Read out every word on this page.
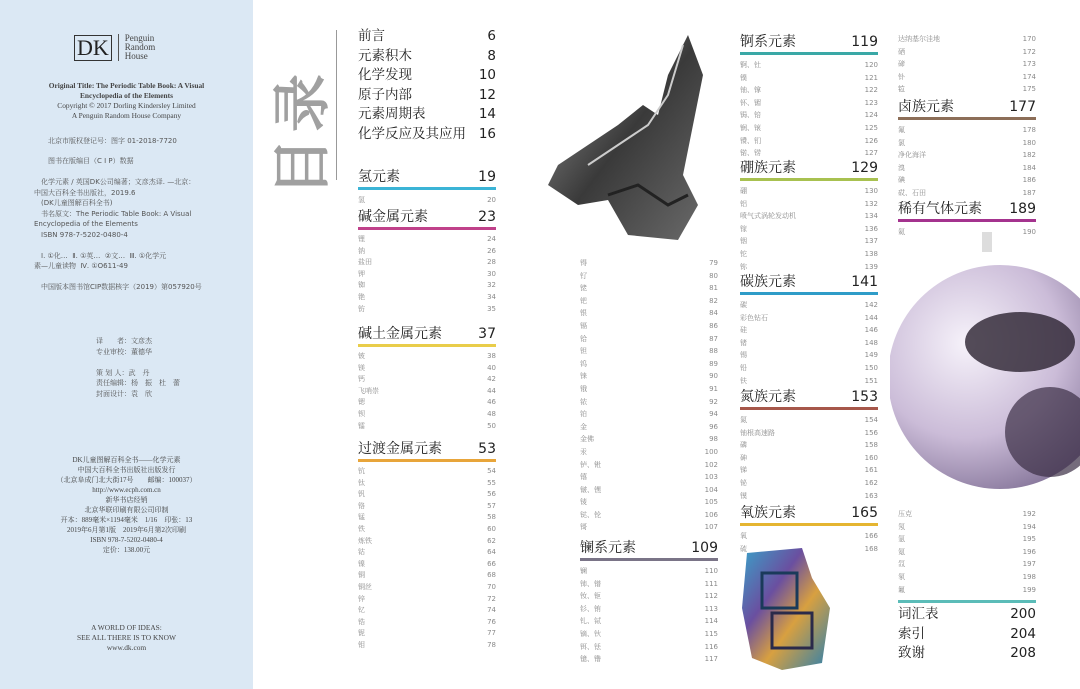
DK	Penguin
Random
House
Original Title: The Periodic Table Book: A Visual
Encyclopedia of the Elements
Copyright © 2017 Dorling Kindersley Limited
A Penguin Random House Company
北京市版权登记号：图字 01-2018-7720
图书在版编目（C I P）数据
　化学元素 / 英国DK公司编著；文彦杰译. —北京：
中国大百科全书出版社，2019.6
　(DK儿童图解百科全书)
　书名原文：The Periodic Table Book: A Visual
Encyclopedia of the Elements
　ISBN 978-7-5202-0480-4

　Ⅰ. ①化…  Ⅱ. ①英…  ②文…  Ⅲ. ①化学元
素—儿童读物  Ⅳ. ①O611-49

　中国版本图书馆CIP数据核字（2019）第057920号
译　　者：文彦杰
专业审校：董德华

策 划 人：武　丹
责任编辑：杨　振　杜　蕾
封面设计：袁　欣
DK儿童图解百科全书——化学元素
中国大百科全书出版社出版发行
（北京阜成门北大街17号　　邮编：100037）
http://www.ecph.com.cn
新华书店经销
北京华联印刷有限公司印制
开本：889毫米×1194毫米　1/16　印张：13
2019年6月第1版　2019年6月第2次印刷
ISBN 978-7-5202-0480-4
定价：138.00元
A WORLD OF IDEAS:
SEE ALL THERE IS TO KNOW
www.dk.com
目录
前言	6
元素积木	8
化学发现	10
原子内部	12
元素周期表	14
化学反应及其应用 16
氢元素	19
氢	20
碱金属元素	23
锂	24
钠	26
盐田	28
钾	30
铷	32
铯	34
钫	35
碱土金属元素	37
铍	38
镁	40
钙	42
飞哨崇	44
锶	46
钡	48
镭	50
过渡金属元素	53
钪	54
钛	55
钒	56
铬	57
锰	58
铁	60
炼铁	62
钴	64
镍	66
铜	68
铜丝	70
锌	72
钇	74
锆	76
铌	77
钼	78
锝	79
钌	80
铑	81
钯	82
银	84
镉	86
铪	87
钽	88
钨	89
铼	90
锇	91
铱	92
铂	94
金	96
金佛	98
汞	100
𬬻、𬭊	102
𬭳	103
𬭛、𬭶	104
鿏	105
𫟼、𬬭	106
鿔	107
镧系元素	109
镧	110
铈、镨	111
钕、钷	112
钐、铕	113
钆、铽	114
镝、钬	115
铒、铥	116
镱、镥	117
锕系元素	119
锕、钍	120
镤	121
铀、镎	122
钚、镅	123
锔、锫	124
锎、锿	125
镄、钔	126
锘、铹	127
硼族元素	129
硼	130
铝	132
喷气式涡轮发动机	134
镓	136
铟	137
铊	138
鿭	139
碳族元素	141
碳	142
彩色钻石	144
硅	146
锗	148
锡	149
铅	150
𫓧	151
氮族元素	153
氮	154
铀根高速路	156
磷	158
砷	160
锑	161
铋	162
镆	163
氧族元素	165
氧	166
硫	168
达纳基尔洼地	170
硒	172
碲	173
钋	174
𫟷	175
卤族元素	177
氟	178
氯	180
净化海洋	182
溴	184
碘	186
砹、石田	187
稀有气体元素 189
氦	190
压克	192
氖	194
氩	195
氪	196
氙	197
氡	198
鿫	199
词汇表	200
索引	204
致谢	208
